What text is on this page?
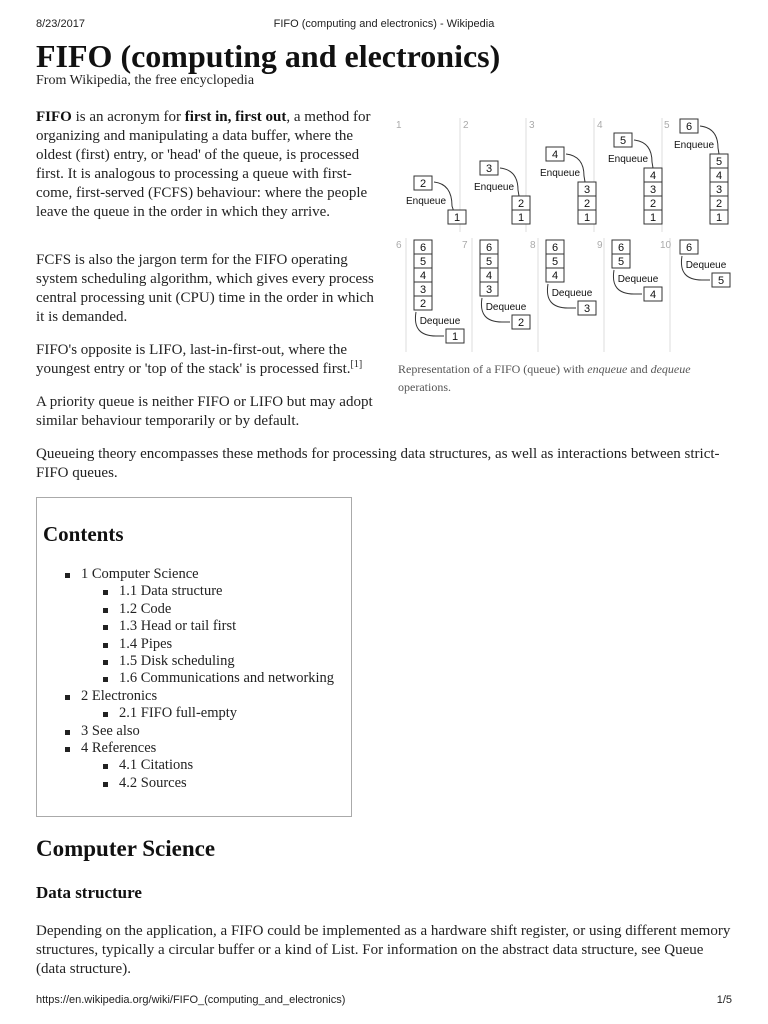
8/23/2017	FIFO (computing and electronics) - Wikipedia
FIFO (computing and electronics)
From Wikipedia, the free encyclopedia
FIFO is an acronym for first in, first out, a method for organizing and manipulating a data buffer, where the oldest (first) entry, or 'head' of the queue, is processed first. It is analogous to processing a queue with first-come, first-served (FCFS) behaviour: where the people leave the queue in the order in which they arrive.
FCFS is also the jargon term for the FIFO operating system scheduling algorithm, which gives every process central processing unit (CPU) time in the order in which it is demanded.
FIFO's opposite is LIFO, last-in-first-out, where the youngest entry or 'top of the stack' is processed first.[1]
A priority queue is neither FIFO or LIFO but may adopt similar behaviour temporarily or by default.
Queueing theory encompasses these methods for processing data structures, as well as interactions between strict-FIFO queues.
1	2	3	4	5
6	7	8	9	10
2
Enqueue
1
3
Enqueue
2
1
4
Enqueue
3
2
1
5
Enqueue
4
3
2
1
6
Enqueue
5
4
3
2
1
6
5
4
3
2
Dequeue
1
6
5
4
3
Dequeue
2
6
5
4
Dequeue
3
6
5
Dequeue
4
6
Dequeue
5
Representation of a FIFO (queue) with enqueue and dequeue operations.
Contents
1 Computer Science
1.1 Data structure
1.2 Code
1.3 Head or tail first
1.4 Pipes
1.5 Disk scheduling
1.6 Communications and networking
2 Electronics
2.1 FIFO full-empty
3 See also
4 References
4.1 Citations
4.2 Sources
Computer Science
Data structure
Depending on the application, a FIFO could be implemented as a hardware shift register, or using different memory structures, typically a circular buffer or a kind of List. For information on the abstract data structure, see Queue (data structure).
https://en.wikipedia.org/wiki/FIFO_(computing_and_electronics)	1/5
